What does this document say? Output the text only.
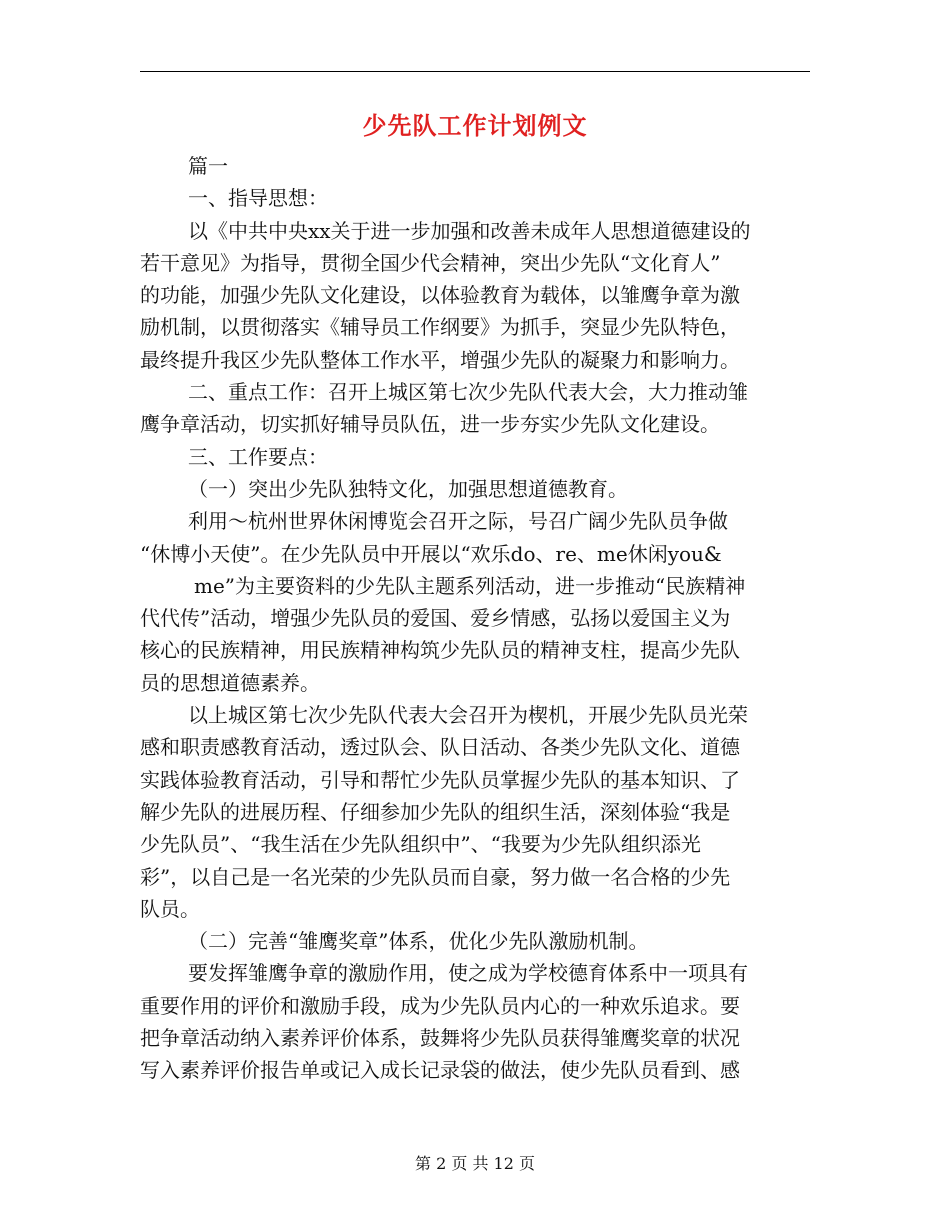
少先队工作计划例文
篇一
一、指导思想：
以《中共中央xx关于进一步加强和改善未成年人思想道德建设的
若干意见》为指导，贯彻全国少代会精神，突出少先队“文化育人”
的功能，加强少先队文化建设，以体验教育为载体，以雏鹰争章为激
励机制，以贯彻落实《辅导员工作纲要》为抓手，突显少先队特色，
最终提升我区少先队整体工作水平，增强少先队的凝聚力和影响力。
二、重点工作：召开上城区第七次少先队代表大会，大力推动雏
鹰争章活动，切实抓好辅导员队伍，进一步夯实少先队文化建设。
三、工作要点：
（一）突出少先队独特文化，加强思想道德教育。
利用～杭州世界休闲博览会召开之际，号召广阔少先队员争做
“休博小天使”。在少先队员中开展以“欢乐do、re、me休闲you&
me”为主要资料的少先队主题系列活动，进一步推动“民族精神
代代传”活动，增强少先队员的爱国、爱乡情感，弘扬以爱国主义为
核心的民族精神，用民族精神构筑少先队员的精神支柱，提高少先队
员的思想道德素养。
以上城区第七次少先队代表大会召开为楔机，开展少先队员光荣
感和职责感教育活动，透过队会、队日活动、各类少先队文化、道德
实践体验教育活动，引导和帮忙少先队员掌握少先队的基本知识、了
解少先队的进展历程、仔细参加少先队的组织生活，深刻体验“我是
少先队员”、“我生活在少先队组织中”、“我要为少先队组织添光
彩”，以自己是一名光荣的少先队员而自豪，努力做一名合格的少先
队员。
（二）完善“雏鹰奖章”体系，优化少先队激励机制。
要发挥雏鹰争章的激励作用，使之成为学校德育体系中一项具有
重要作用的评价和激励手段，成为少先队员内心的一种欢乐追求。要
把争章活动纳入素养评价体系，鼓舞将少先队员获得雏鹰奖章的状况
写入素养评价报告单或记入成长记录袋的做法，使少先队员看到、感
第 2 页 共 12 页
